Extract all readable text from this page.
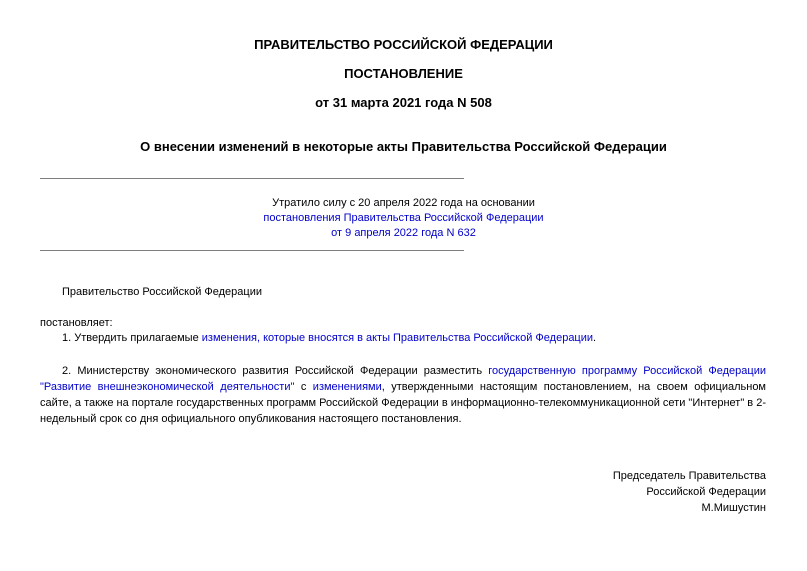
ПРАВИТЕЛЬСТВО РОССИЙСКОЙ ФЕДЕРАЦИИ
ПОСТАНОВЛЕНИЕ
от 31 марта 2021 года N 508
О внесении изменений в некоторые акты Правительства Российской Федерации
Утратило силу с 20 апреля 2022 года на основании
постановления Правительства Российской Федерации
от 9 апреля 2022 года N 632
Правительство Российской Федерации
постановляет:
1. Утвердить прилагаемые изменения, которые вносятся в акты Правительства Российской Федерации.
2. Министерству экономического развития Российской Федерации разместить государственную программу Российской Федерации "Развитие внешнеэкономической деятельности" с изменениями, утвержденными настоящим постановлением, на своем официальном сайте, а также на портале государственных программ Российской Федерации в информационно-телекоммуникационной сети "Интернет" в 2-недельный срок со дня официального опубликования настоящего постановления.
Председатель Правительства
Российской Федерации
М.Мишустин
